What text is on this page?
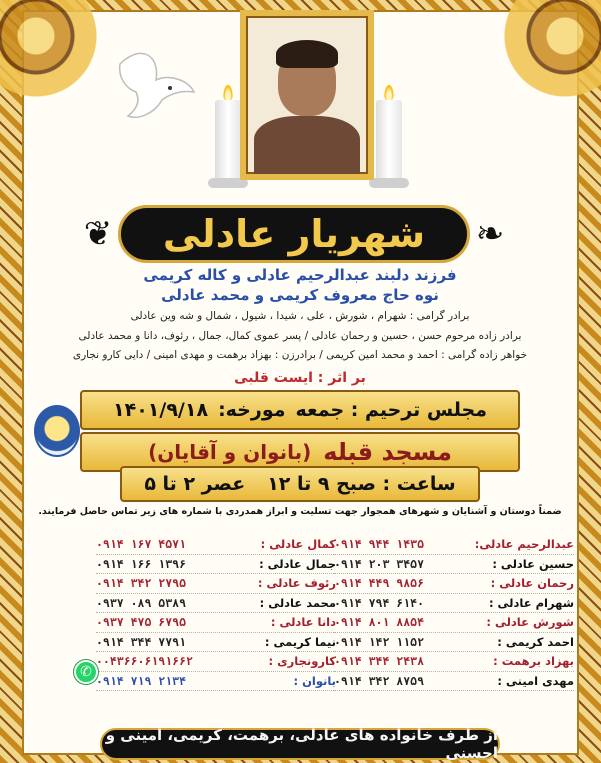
❦ شهریار عادلی ❧
فرزند دلبند عبدالرحیم عادلی و کاله کریمی
نوه حاج معروف کریمی و محمد عادلی
برادر گرامی : شهرام ، شورش ، علی ، شیدا ، شیول ، شمال و شه وین عادلی
برادر زاده مرحوم حسن ، حسین و رحمان عادلی / پسر عموی کمال، جمال ، رئوف، دانا و محمد عادلی
خواهر زاده گرامی : احمد و محمد امین کریمی / برادرزن : بهزاد برهمت و مهدی امینی / دایی کارو نجاری
بر اثر : ایست قلبی
مجلس ترحیم : جمعه
مورخه:
۱۴۰۱/۹/۱۸
مسجد قبله
(بانوان و آقایان)
ساعت : صبح ۹ تا ۱۲
عصر ۲ تا ۵
ضمناً دوستان و آشنایان و شهرهای همجوار جهت تسلیت و ابراز همدردی با شماره های زیر تماس حاصل فرمایند.
عبدالرحیم عادلی:
۰۹۱۴ ۹۴۴ ۱۴۳۵
حسین عادلی :
۰۹۱۴ ۲۰۳ ۳۴۵۷
رحمان عادلی :
۰۹۱۴ ۴۴۹ ۹۸۵۶
شهرام عادلی :
۰۹۱۴ ۷۹۴ ۶۱۴۰
شورش عادلی :
۰۹۱۴ ۸۰۱ ۸۸۵۴
احمد کریمی :
۰۹۱۴ ۱۴۲ ۱۱۵۲
بهزاد برهمت :
۰۹۱۴ ۳۴۴ ۲۴۳۸
مهدی امینی :
۰۹۱۴ ۳۴۲ ۸۷۵۹
کمال عادلی :
۰۹۱۴ ۱۶۷ ۴۵۷۱
جمال عادلی :
۰۹۱۴ ۱۶۶ ۱۳۹۶
رئوف عادلی :
۰۹۱۴ ۳۴۲ ۲۷۹۵
محمد عادلی :
۰۹۳۷ ۰۸۹ ۵۳۸۹
دانا عادلی :
۰۹۳۷ ۴۷۵ ۶۷۹۵
نیما کریمی :
۰۹۱۴ ۳۴۴ ۷۷۹۱
کارونجاری :
۰۰۴۳۶۶۰۶۱۹۱۶۶۲
بانوان :
۰۹۱۴ ۷۱۹ ۲۱۳۴
✆
از طرف خانواده های عادلی، برهمت، کریمی، امینی و احسنی
